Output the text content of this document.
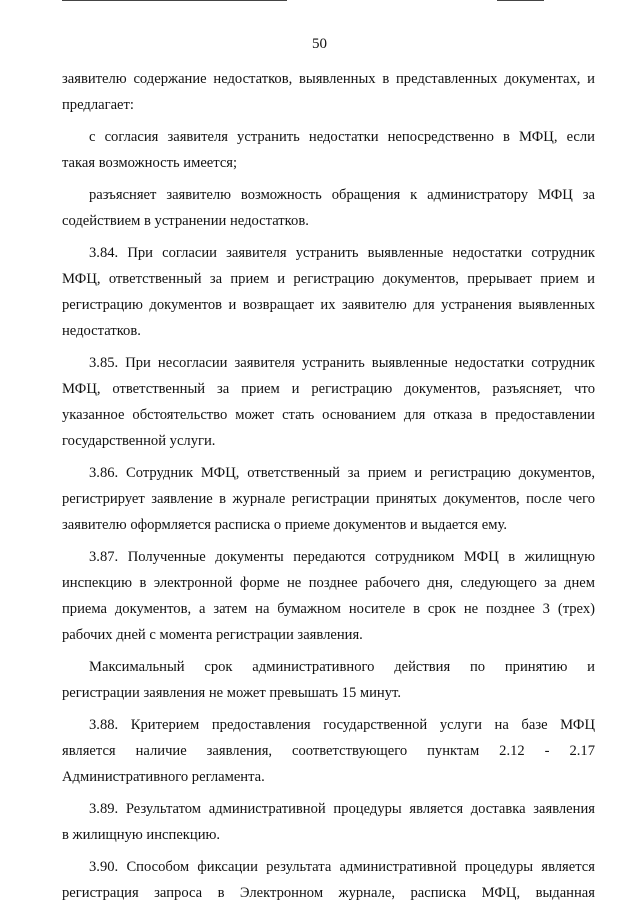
50
заявителю содержание недостатков, выявленных в представленных документах, и
предлагает:
с согласия заявителя устранить недостатки непосредственно в МФЦ, если
такая возможность имеется;
разъясняет заявителю возможность обращения к администратору МФЦ за
содействием в устранении недостатков.
3.84. При согласии заявителя устранить выявленные недостатки сотрудник
МФЦ, ответственный за прием и регистрацию документов, прерывает прием и
регистрацию документов и возвращает их заявителю для устранения выявленных
недостатков.
3.85. При несогласии заявителя устранить выявленные недостатки сотрудник
МФЦ, ответственный за прием и регистрацию документов, разъясняет, что
указанное обстоятельство может стать основанием для отказа в предоставлении
государственной услуги.
3.86. Сотрудник МФЦ, ответственный за прием и регистрацию документов,
регистрирует заявление в журнале регистрации принятых документов, после чего
заявителю оформляется расписка о приеме документов и выдается ему.
3.87. Полученные документы передаются сотрудником МФЦ в жилищную
инспекцию в электронной форме не позднее рабочего дня, следующего за днем
приема документов, а затем на бумажном носителе в срок не позднее 3 (трех)
рабочих дней с момента регистрации заявления.
Максимальный срок административного действия по принятию и
регистрации заявления не может превышать 15 минут.
3.88. Критерием предоставления государственной услуги на базе МФЦ
является наличие заявления, соответствующего пунктам 2.12 - 2.17
Административного регламента.
3.89. Результатом административной процедуры является доставка заявления
в жилищную инспекцию.
3.90. Способом фиксации результата административной процедуры является
регистрация запроса в Электронном журнале, расписка МФЦ, выданная
